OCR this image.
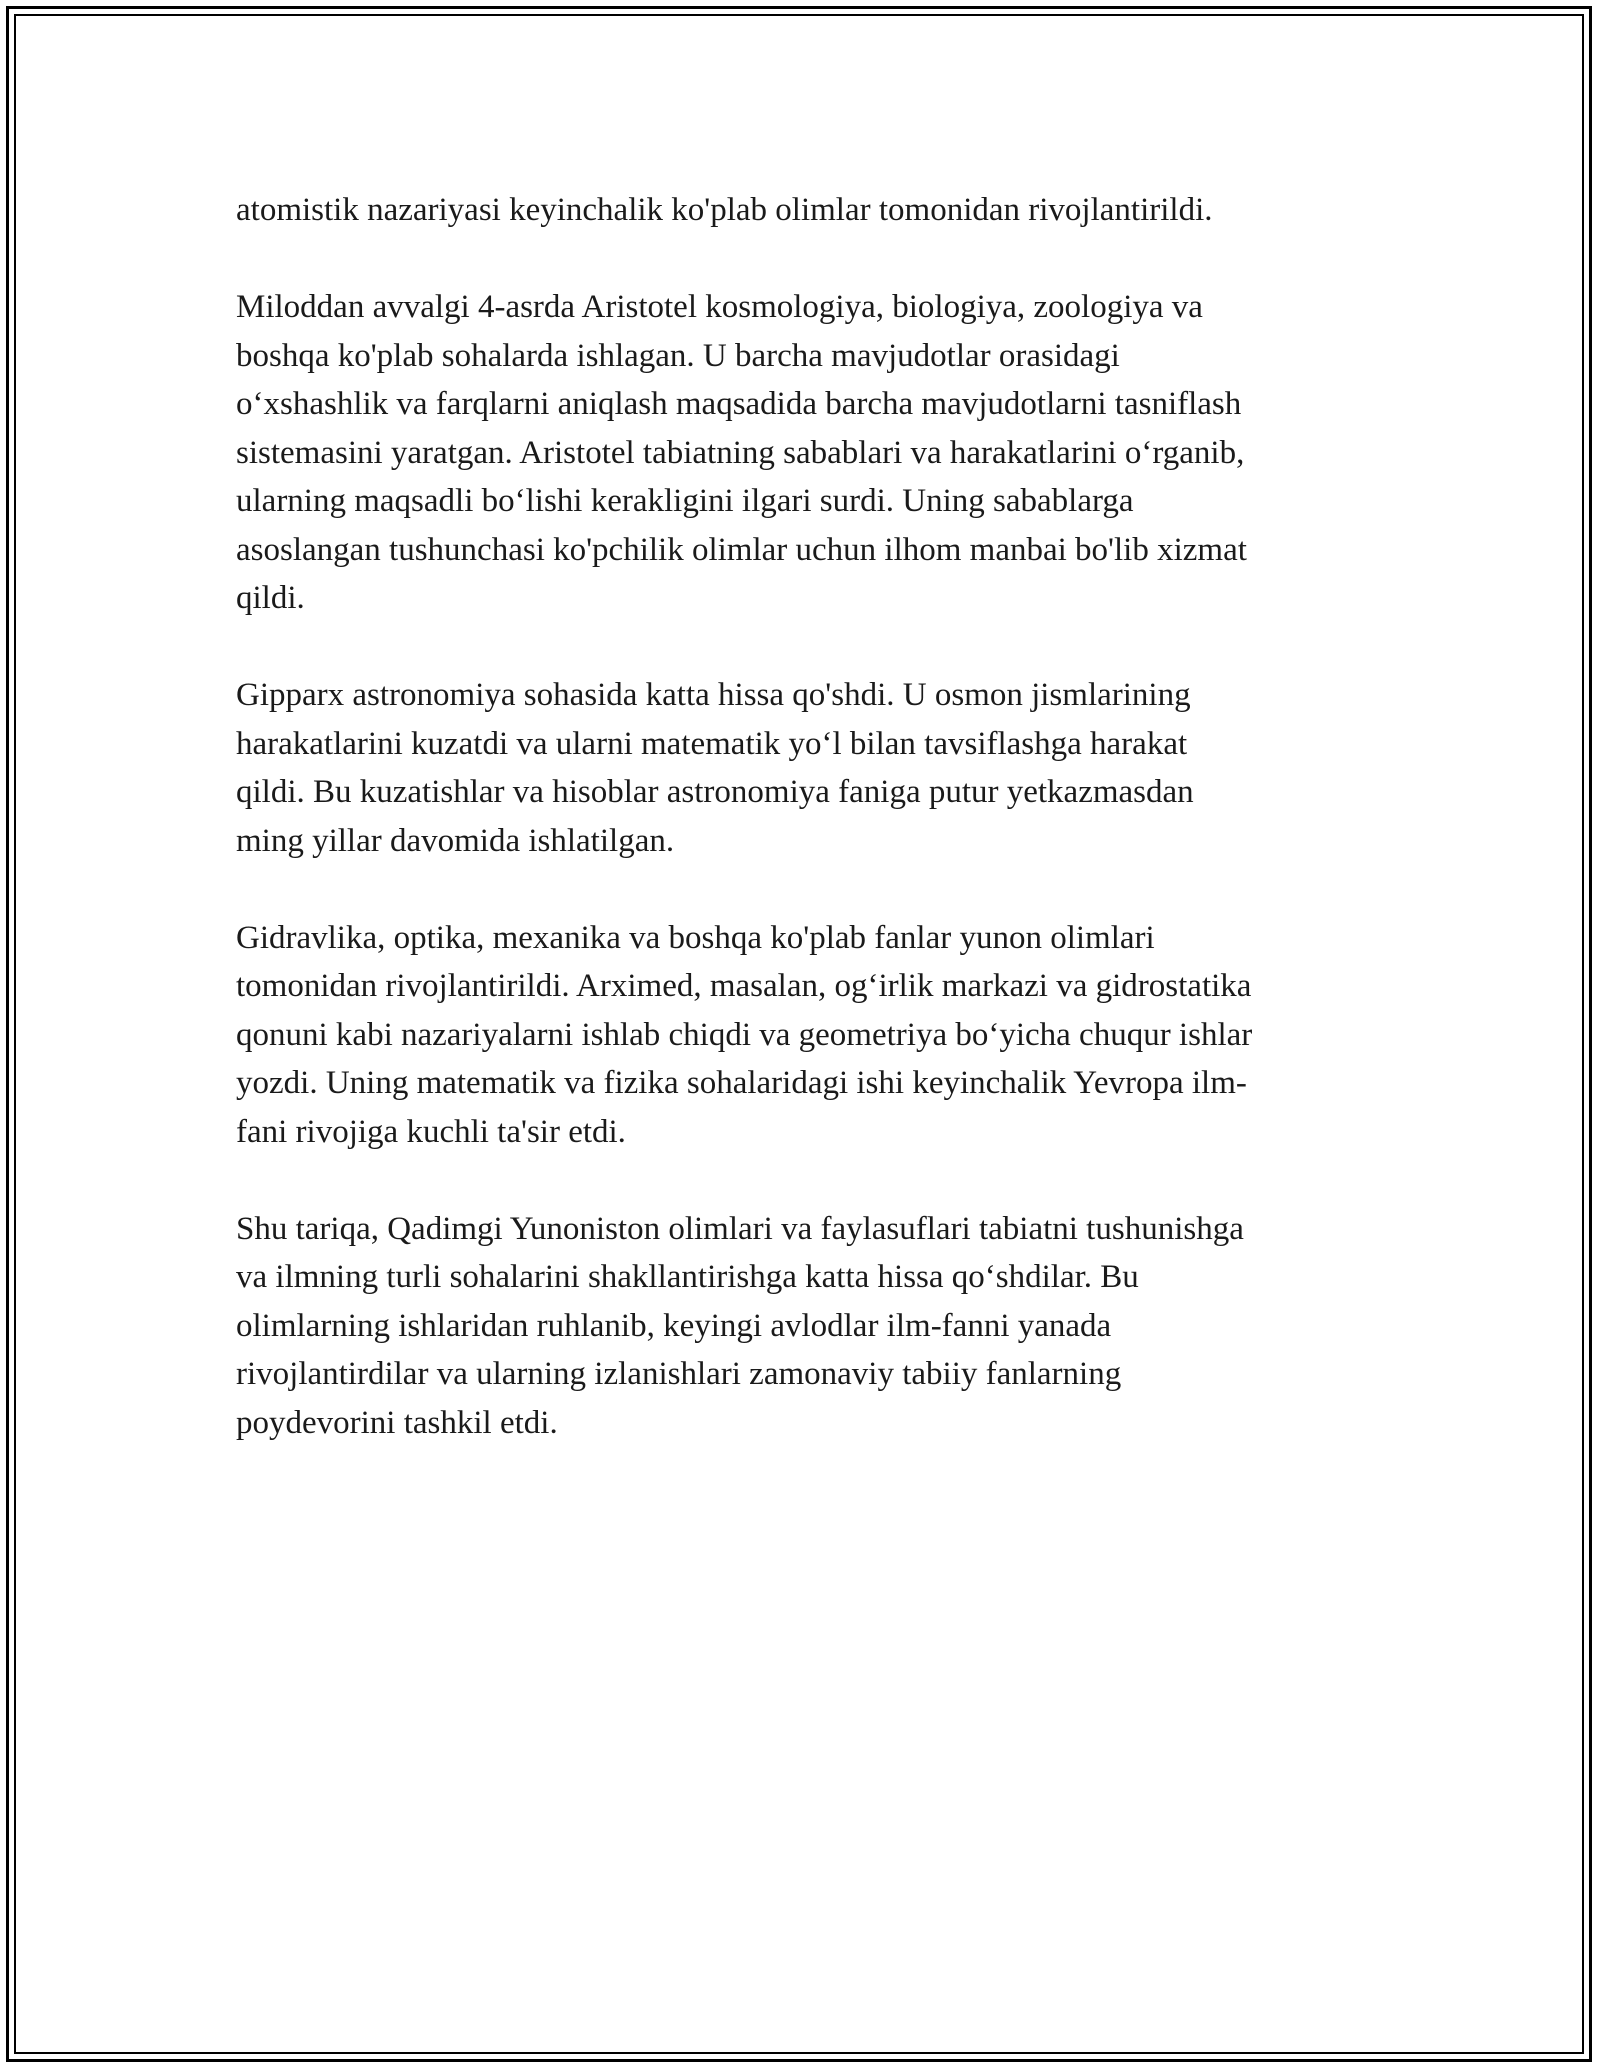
atomistik nazariyasi keyinchalik ko'plab olimlar tomonidan rivojlantirildi.

Miloddan avvalgi 4-asrda Aristotel kosmologiya, biologiya, zoologiya va
boshqa ko'plab sohalarda ishlagan. U barcha mavjudotlar orasidagi
o‘xshashlik va farqlarni aniqlash maqsadida barcha mavjudotlarni tasniflash
sistemasini yaratgan. Aristotel tabiatning sabablari va harakatlarini o‘rganib,
ularning maqsadli bo‘lishi kerakligini ilgari surdi. Uning sabablarga
asoslangan tushunchasi ko'pchilik olimlar uchun ilhom manbai bo'lib xizmat
qildi.

Gipparx astronomiya sohasida katta hissa qo'shdi. U osmon jismlarining
harakatlarini kuzatdi va ularni matematik yo‘l bilan tavsiflashga harakat
qildi. Bu kuzatishlar va hisoblar astronomiya faniga putur yetkazmasdan
ming yillar davomida ishlatilgan.

Gidravlika, optika, mexanika va boshqa ko'plab fanlar yunon olimlari
tomonidan rivojlantirildi. Arximed, masalan, og‘irlik markazi va gidrostatika
qonuni kabi nazariyalarni ishlab chiqdi va geometriya bo‘yicha chuqur ishlar
yozdi. Uning matematik va fizika sohalaridagi ishi keyinchalik Yevropa ilm-
fani rivojiga kuchli ta'sir etdi.

Shu tariqa, Qadimgi Yunoniston olimlari va faylasuflari tabiatni tushunishga
va ilmning turli sohalarini shakllantirishga katta hissa qo‘shdilar. Bu
olimlarning ishlaridan ruhlanib, keyingi avlodlar ilm-fanni yanada
rivojlantirdilar va ularning izlanishlari zamonaviy tabiiy fanlarning
poydevorini tashkil etdi.
